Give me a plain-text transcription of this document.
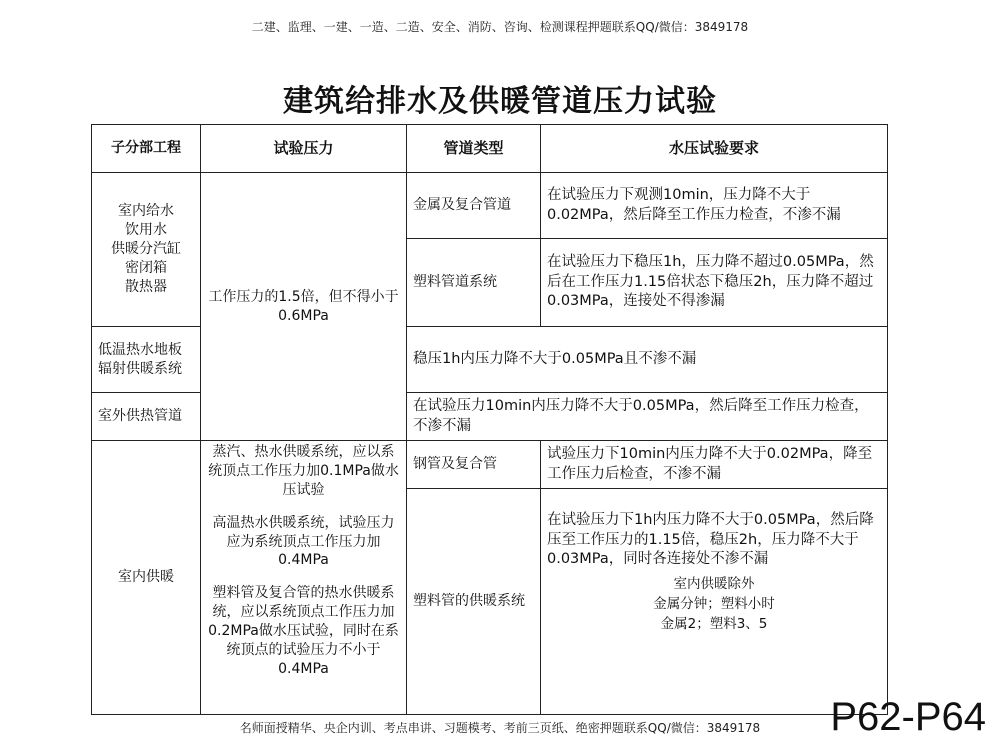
二建、监理、一建、一造、二造、安全、消防、咨询、检测课程押题联系QQ/微信：3849178
建筑给排水及供暖管道压力试验
子分部工程	试验压力	管道类型	水压试验要求
室内给水
饮用水
供暖分汽缸
密闭箱
散热器	工作压力的1.5倍，但不得小于0.6MPa	金属及复合管道	在试验压力下观测10min，压力降不大于0.02MPa，然后降至工作压力检查，不渗不漏
		塑料管道系统	在试验压力下稳压1h，压力降不超过0.05MPa，然后在工作压力1.15倍状态下稳压2h，压力降不超过0.03MPa，连接处不得渗漏
低温热水地板辐射供暖系统		稳压1h内压力降不大于0.05MPa且不渗不漏	
室外供热管道		在试验压力10min内压力降不大于0.05MPa，然后降至工作压力检查，不渗不漏	
室内供暖	蒸汽、热水供暖系统，应以系统顶点工作压力加0.1MPa做水压试验

高温热水供暖系统，试验压力应为系统顶点工作压力加0.4MPa

塑料管及复合管的热水供暖系统，应以系统顶点工作压力加0.2MPa做水压试验，同时在系统顶点的试验压力不小于0.4MPa	钢管及复合管	试验压力下10min内压力降不大于0.02MPa，降至工作压力后检查，不渗不漏
		塑料管的供暖系统	在试验压力下1h内压力降不大于0.05MPa，然后降压至工作压力的1.15倍，稳压2h，压力降不大于0.03MPa，同时各连接处不渗不漏
室内供暖除外
金属分钟；塑料小时
金属2；塑料3、5
‌
名师面授精华、央企内训、考点串讲、习题模考、考前三页纸、绝密押题联系QQ/微信：3849178	P62-P64
